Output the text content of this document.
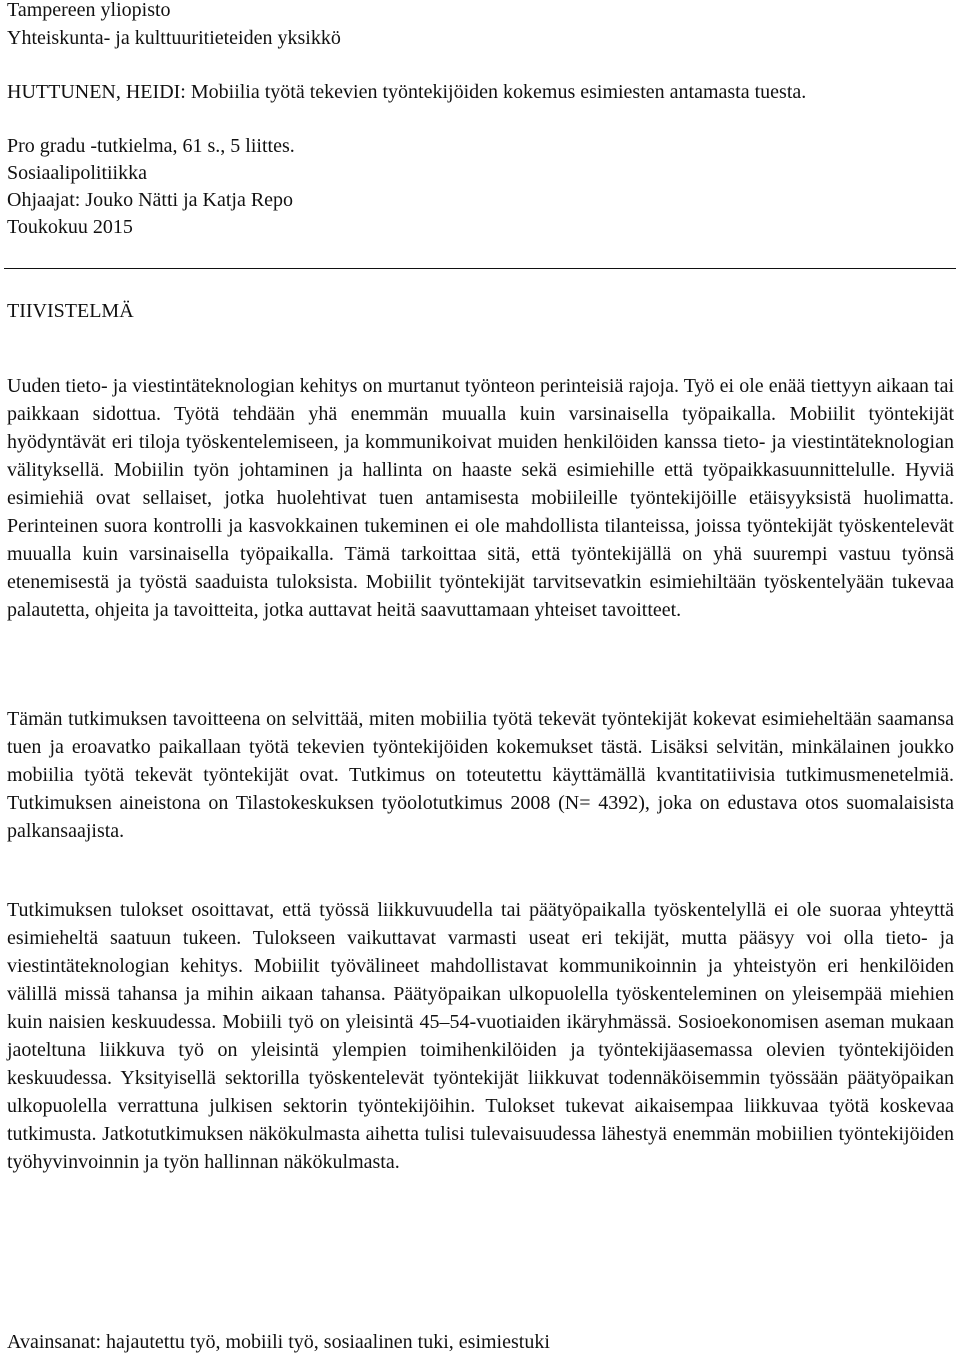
Tampereen yliopisto
Yhteiskunta- ja kulttuuritieteiden yksikkö
HUTTUNEN, HEIDI: Mobiilia työtä tekevien työntekijöiden kokemus esimiesten antamasta tuesta.
Pro gradu -tutkielma, 61 s., 5 liittes.
Sosiaalipolitiikka
Ohjaajat: Jouko Nätti ja Katja Repo
Toukokuu 2015
TIIVISTELMÄ

Uuden tieto- ja viestintäteknologian kehitys on murtanut työnteon perinteisiä rajoja. Työ ei ole enää tiettyyn aikaan tai paikkaan sidottua. Työtä tehdään yhä enemmän muualla kuin varsinaisella työpaikalla. Mobiilit työntekijät hyödyntävät eri tiloja työskentelemiseen, ja kommunikoivat muiden henkilöiden kanssa tieto- ja viestintäteknologian välityksellä. Mobiilin työn johtaminen ja hallinta on haaste sekä esimiehille että työpaikkasuunnittelulle. Hyviä esimiehiä ovat sellaiset, jotka huolehtivat tuen antamisesta mobiileille työntekijöille etäisyyksistä huolimatta. Perinteinen suora kontrolli ja kasvokkainen tukeminen ei ole mahdollista tilanteissa, joissa työntekijät työskentelevät muualla kuin varsinaisella työpaikalla. Tämä tarkoittaa sitä, että työntekijällä on yhä suurempi vastuu työnsä etenemisestä ja työstä saaduista tuloksista. Mobiilit työntekijät tarvitsevatkin esimiehiltään työskentelyään tukevaa palautetta, ohjeita ja tavoitteita, jotka auttavat heitä saavuttamaan yhteiset tavoitteet.

Tämän tutkimuksen tavoitteena on selvittää, miten mobiilia työtä tekevät työntekijät kokevat esimieheltään saamansa tuen ja eroavatko paikallaan työtä tekevien työntekijöiden kokemukset tästä. Lisäksi selvitän, minkälainen joukko mobiilia työtä tekevät työntekijät ovat. Tutkimus on toteutettu käyttämällä kvantitatiivisia tutkimusmenetelmiä. Tutkimuksen aineistona on Tilastokeskuksen työolotutkimus 2008 (N= 4392), joka on edustava otos suomalaisista palkansaajista.

Tutkimuksen tulokset osoittavat, että työssä liikkuvuudella tai päätyöpaikalla työskentelyllä ei ole suoraa yhteyttä esimieheltä saatuun tukeen. Tulokseen vaikuttavat varmasti useat eri tekijät, mutta pääsyy voi olla tieto- ja viestintäteknologian kehitys. Mobiilit työvälineet mahdollistavat kommunikoinnin ja yhteistyön eri henkilöiden välillä missä tahansa ja mihin aikaan tahansa. Päätyöpaikan ulkopuolella työskenteleminen on yleisempää miehien kuin naisien keskuudessa. Mobiili työ on yleisintä 45–54-vuotiaiden ikäryhmässä. Sosioekonomisen aseman mukaan jaoteltuna liikkuva työ on yleisintä ylempien toimihenkilöiden ja työntekijäasemassa olevien työntekijöiden keskuudessa. Yksityisellä sektorilla työskentelevät työntekijät liikkuvat todennäköisemmin työssään päätyöpaikan ulkopuolella verrattuna julkisen sektorin työntekijöihin. Tulokset tukevat aikaisempaa liikkuvaa työtä koskevaa tutkimusta. Jatkotutkimuksen näkökulmasta aihetta tulisi tulevaisuudessa lähestyä enemmän mobiilien työntekijöiden työhyvinvoinnin ja työn hallinnan näkökulmasta.

Avainsanat: hajautettu työ, mobiili työ, sosiaalinen tuki, esimiestuki
